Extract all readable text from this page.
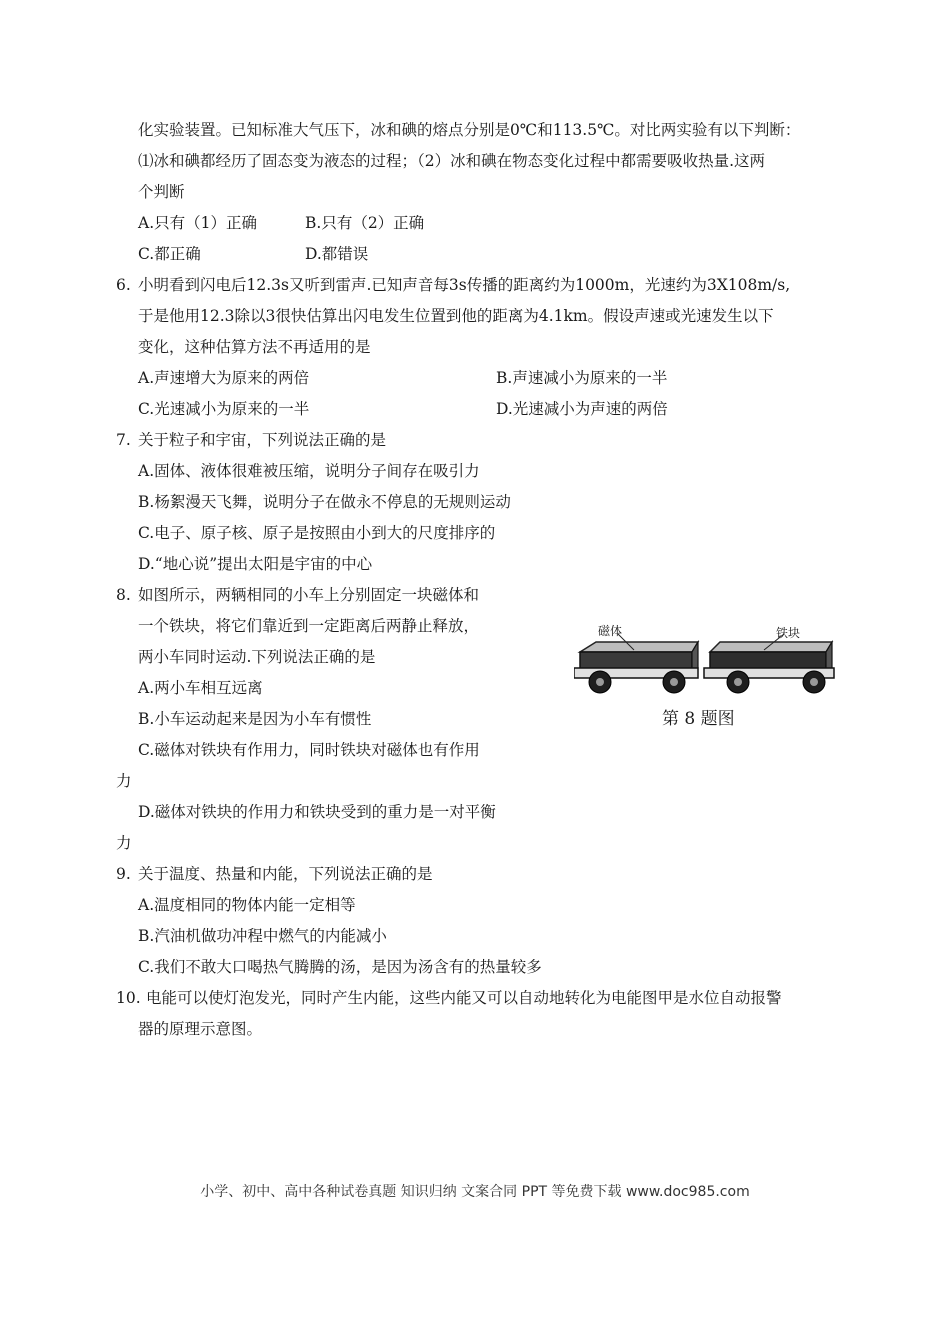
化实验装置。已知标准大气压下，冰和碘的熔点分别是0℃和113.5℃。对比两实验有以下判断：
⑴冰和碘都经历了固态变为液态的过程；（2）冰和碘在物态变化过程中都需要吸收热量.这两
个判断
A.只有（1）正确	B.只有（2）正确
C.都正确	D.都错误
6. 小明看到闪电后12.3s又听到雷声.已知声音每3s传播的距离约为1000m，光速约为3X108m/s,
于是他用12.3除以3很快估算出闪电发生位置到他的距离为4.1km。假设声速或光速发生以下
变化，这种估算方法不再适用的是
A.声速增大为原来的两倍	B.声速减小为原来的一半
C.光速减小为原来的一半	D.光速减小为声速的两倍
7. 关于粒子和宇宙，下列说法正确的是
A.固体、液体很难被压缩，说明分子间存在吸引力
B.杨絮漫天飞舞，说明分子在做永不停息的无规则运动
C.电子、原子核、原子是按照由小到大的尺度排序的
D.“地心说”提出太阳是宇宙的中心
8. 如图所示，两辆相同的小车上分别固定一块磁体和
一个铁块，将它们靠近到一定距离后两静止释放，
两小车同时运动.下列说法正确的是
A.两小车相互远离
B.小车运动起来是因为小车有惯性
C.磁体对铁块有作用力，同时铁块对磁体也有作用
力
D.磁体对铁块的作用力和铁块受到的重力是一对平衡
力
磁体	铁块
第 8 题图
9. 关于温度、热量和内能，下列说法正确的是
A.温度相同的物体内能一定相等
B.汽油机做功冲程中燃气的内能减小
C.我们不敢大口喝热气腾腾的汤，是因为汤含有的热量较多
10. 电能可以使灯泡发光，同时产生内能，这些内能又可以自动地转化为电能图甲是水位自动报警
器的原理示意图。
小学、初中、高中各种试卷真题 知识归纳 文案合同 PPT 等免费下载 www.doc985.com
